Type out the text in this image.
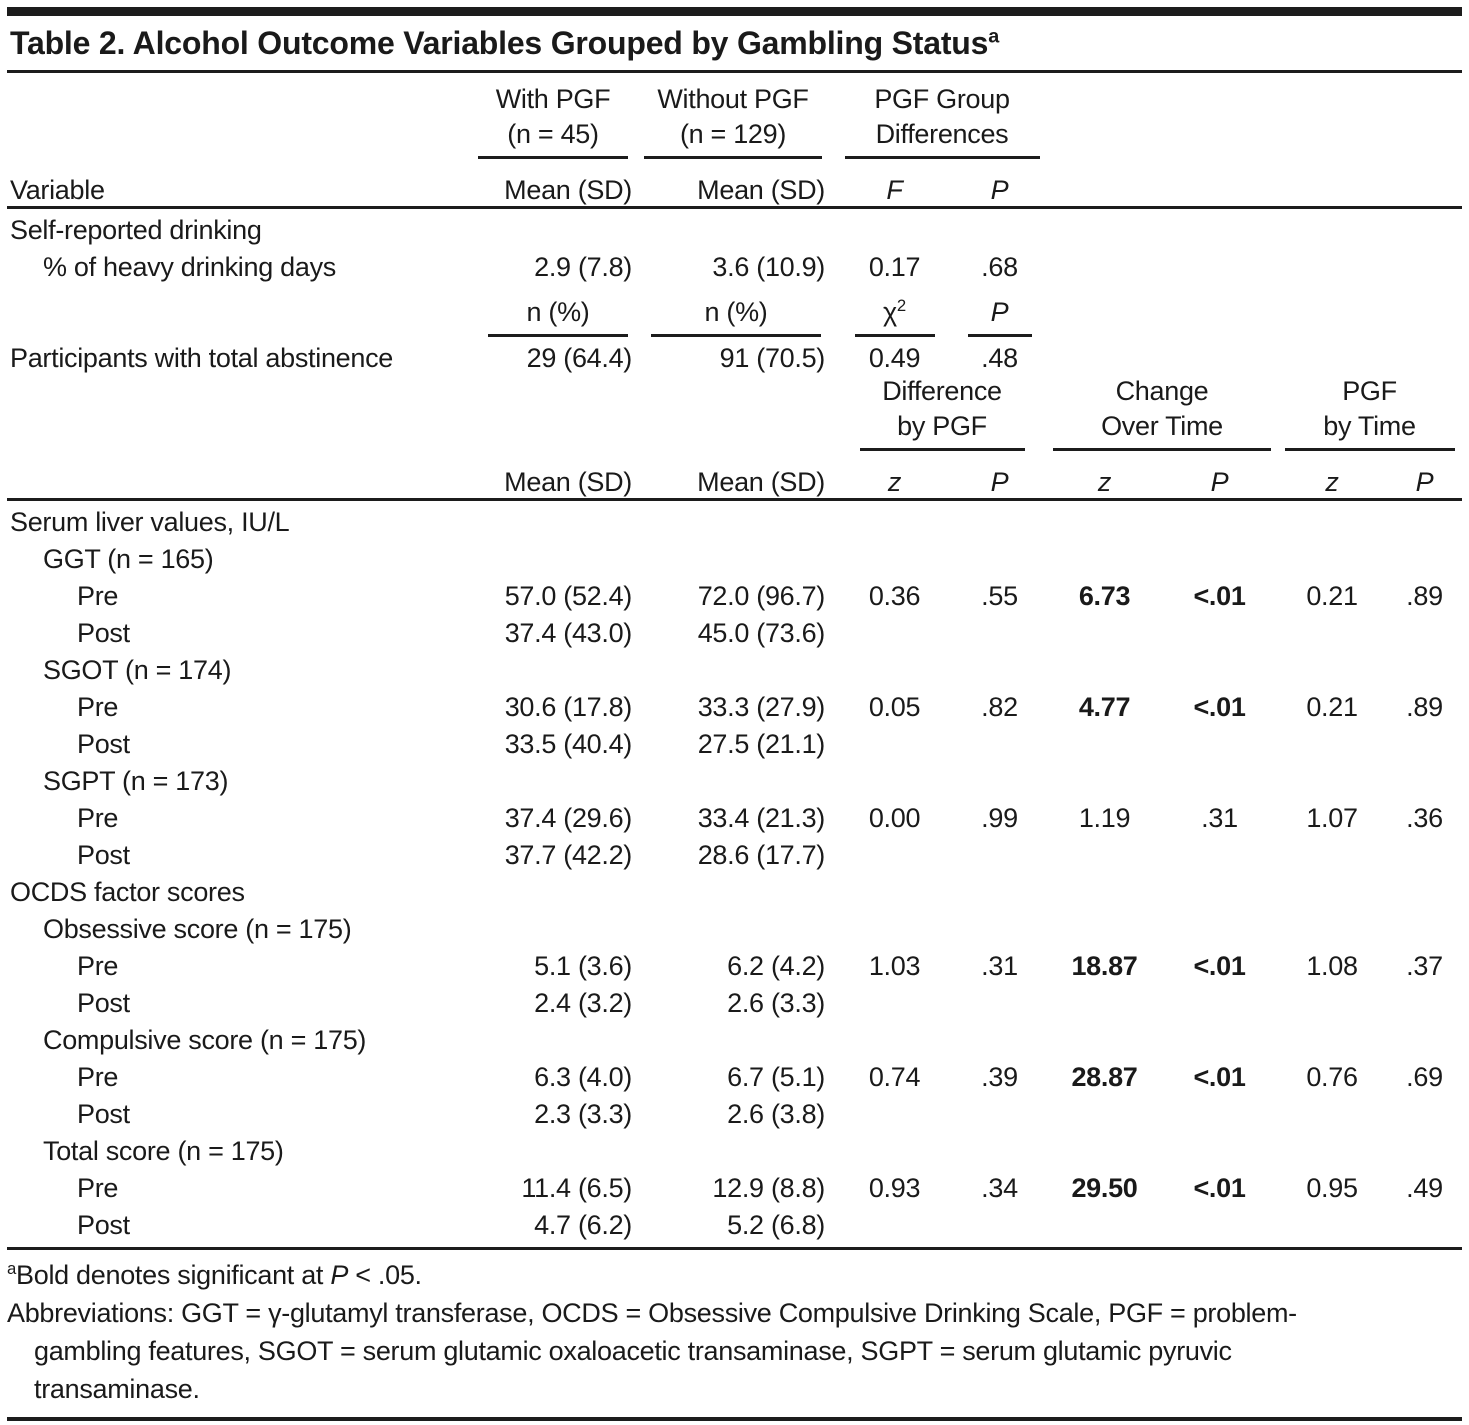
Table 2. Alcohol Outcome Variables Grouped by Gambling Status$^a$

With PGF
(n = 45)

Without PGF
(n = 129)

PGF Group
Differences

Variable	Mean (SD)	Mean (SD)	F	P				
Self-reported drinking								
% of heavy drinking days	2.9 (7.8)	3.6 (10.9)	0.17	.68				

	n (%)	n (%)	$\chi^2$	P				

Participants with total abstinence	29 (64.4)	91 (70.5)	0.49	.48				

Difference
by PGF

Change
Over Time

PGF
by Time

	Mean (SD)	Mean (SD)	z	P	z	P	z	P
Serum liver values, IU/L								
GGT (n = 165)								
Pre	57.0 (52.4)	72.0 (96.7)	0.36	.55	6.73	<.01	0.21	.89
Post	37.4 (43.0)	45.0 (73.6)						
SGOT (n = 174)								
Pre	30.6 (17.8)	33.3 (27.9)	0.05	.82	4.77	<.01	0.21	.89
Post	33.5 (40.4)	27.5 (21.1)						
SGPT (n = 173)								
Pre	37.4 (29.6)	33.4 (21.3)	0.00	.99	1.19	.31	1.07	.36
Post	37.7 (42.2)	28.6 (17.7)						
OCDS factor scores								
Obsessive score (n = 175)								
Pre	5.1 (3.6)	6.2 (4.2)	1.03	.31	18.87	<.01	1.08	.37
Post	2.4 (3.2)	2.6 (3.3)						
Compulsive score (n = 175)								
Pre	6.3 (4.0)	6.7 (5.1)	0.74	.39	28.87	<.01	0.76	.69
Post	2.3 (3.3)	2.6 (3.8)						
Total score (n = 175)								
Pre	11.4 (6.5)	12.9 (8.8)	0.93	.34	29.50	<.01	0.95	.49
Post	4.7 (6.2)	5.2 (6.8)						
$^a$Bold denotes significant at P < .05.
Abbreviations: GGT = γ-glutamyl transferase, OCDS = Obsessive Compulsive Drinking Scale, PGF = problem-
gambling features, SGOT = serum glutamic oxaloacetic transaminase, SGPT = serum glutamic pyruvic
transaminase.
